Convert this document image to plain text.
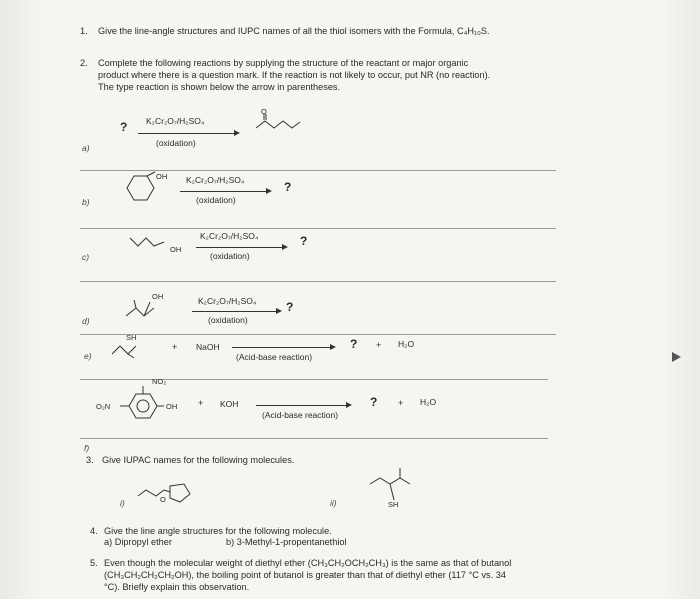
1. Give the line-angle structures and IUPC names of all the thiol isomers with the Formula, C₄H₁₀S.
2. Complete the following reactions by supplying the structure of the reactant or major organic
product where there is a question mark. If the reaction is not likely to occur, put NR (no reaction).
The type reaction is shown below the arrow in parentheses.
a)
? K₂Cr₂O₇/H₂SO₄
(oxidation)
O
b)
OH K₂Cr₂O₇/H₂SO₄
(oxidation)
?
c)
OH
K₂Cr₂O₇/H₂SO₄
(oxidation)
?
d)
OH	K₂Cr₂O₇/H₂SO₄
(oxidation)
?
e)
SH
+ NaOH
(Acid-base reaction)
? + H₂O
f)
NO₂
O₂N	OH + KOH
(Acid-base reaction)
? + H₂O
3. Give IUPAC names for the following molecules.
i)	O	ii)	SH
4. Give the line angle structures for the following molecule.
a) Dipropyl ether	b) 3-Methyl-1-propentanethiol
5. Even though the molecular weight of diethyl ether (CH₃CH₂OCH₂CH₃) is the same as that of butanol
(CH₃CH₂CH₂CH₂OH), the boiling point of butanol is greater than that of diethyl ether (117 °C vs. 34
°C). Briefly explain this observation.
